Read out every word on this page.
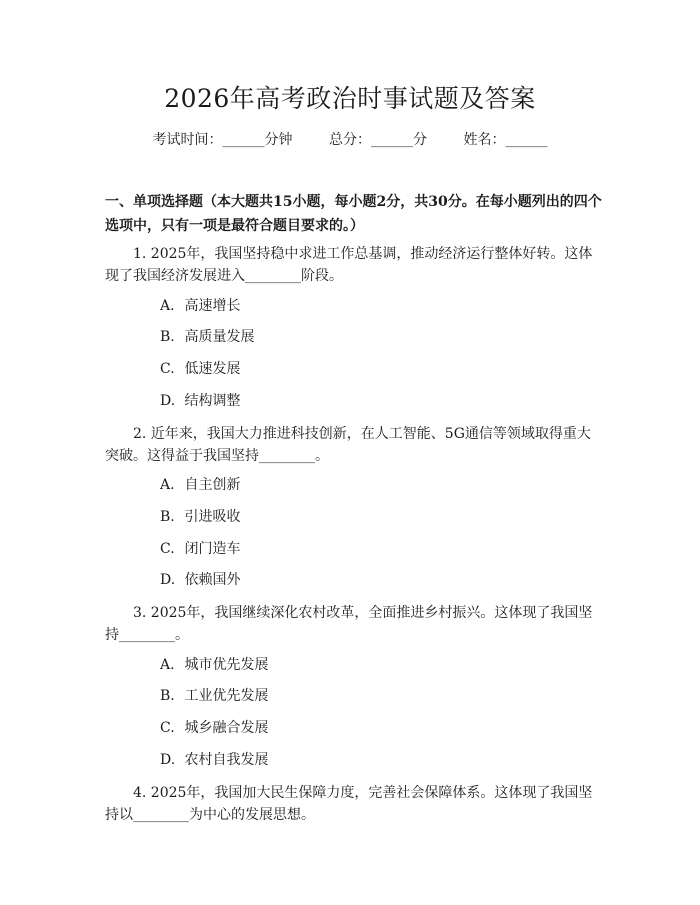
2026年高考政治时事试题及答案
考试时间：______分钟	总分：______分	姓名：______
一、单项选择题（本大题共15小题，每小题2分，共30分。在每小题列出的四个选项中，只有一项是最符合题目要求的。）
1. 2025年，我国坚持稳中求进工作总基调，推动经济运行整体好转。这体现了我国经济发展进入________阶段。
A. 高速增长
B. 高质量发展
C. 低速发展
D. 结构调整
2. 近年来，我国大力推进科技创新，在人工智能、5G通信等领域取得重大突破。这得益于我国坚持________。
A. 自主创新
B. 引进吸收
C. 闭门造车
D. 依赖国外
3. 2025年，我国继续深化农村改革，全面推进乡村振兴。这体现了我国坚持________。
A. 城市优先发展
B. 工业优先发展
C. 城乡融合发展
D. 农村自我发展
4. 2025年，我国加大民生保障力度，完善社会保障体系。这体现了我国坚持以________为中心的发展思想。
